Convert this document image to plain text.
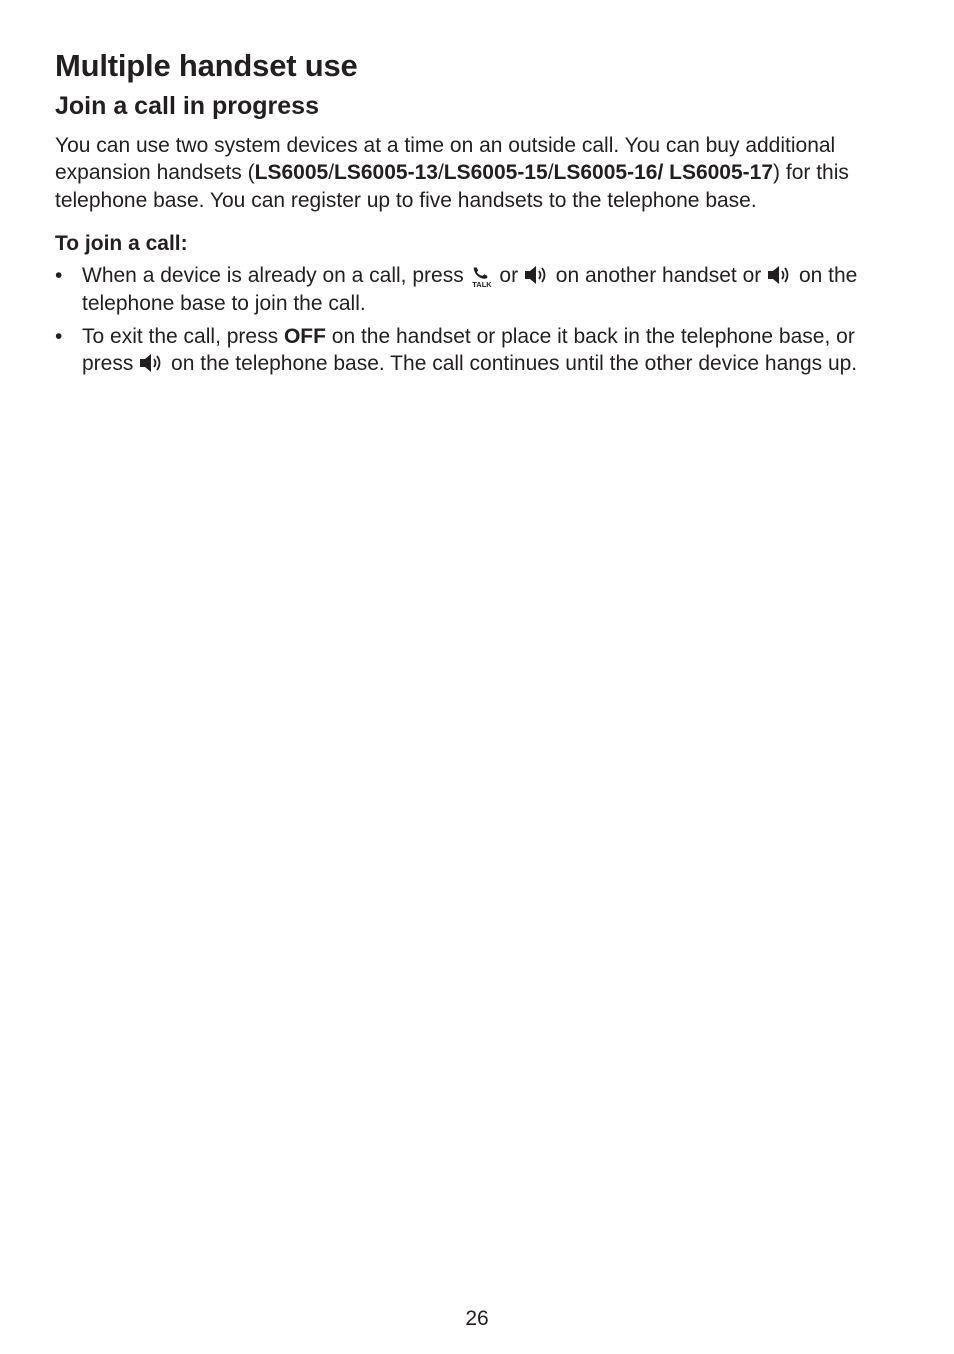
Multiple handset use
Join a call in progress

You can use two system devices at a time on an outside call. You can buy additional expansion handsets (LS6005/LS6005-13/LS6005-15/LS6005-16/ LS6005-17) for this telephone base. You can register up to five handsets to the telephone base.

To join a call:

• When a device is already on a call, press TALK or on another handset or on the telephone base to join the call.
• To exit the call, press OFF on the handset or place it back in the telephone base, or press on the telephone base. The call continues until the other device hangs up.
26
